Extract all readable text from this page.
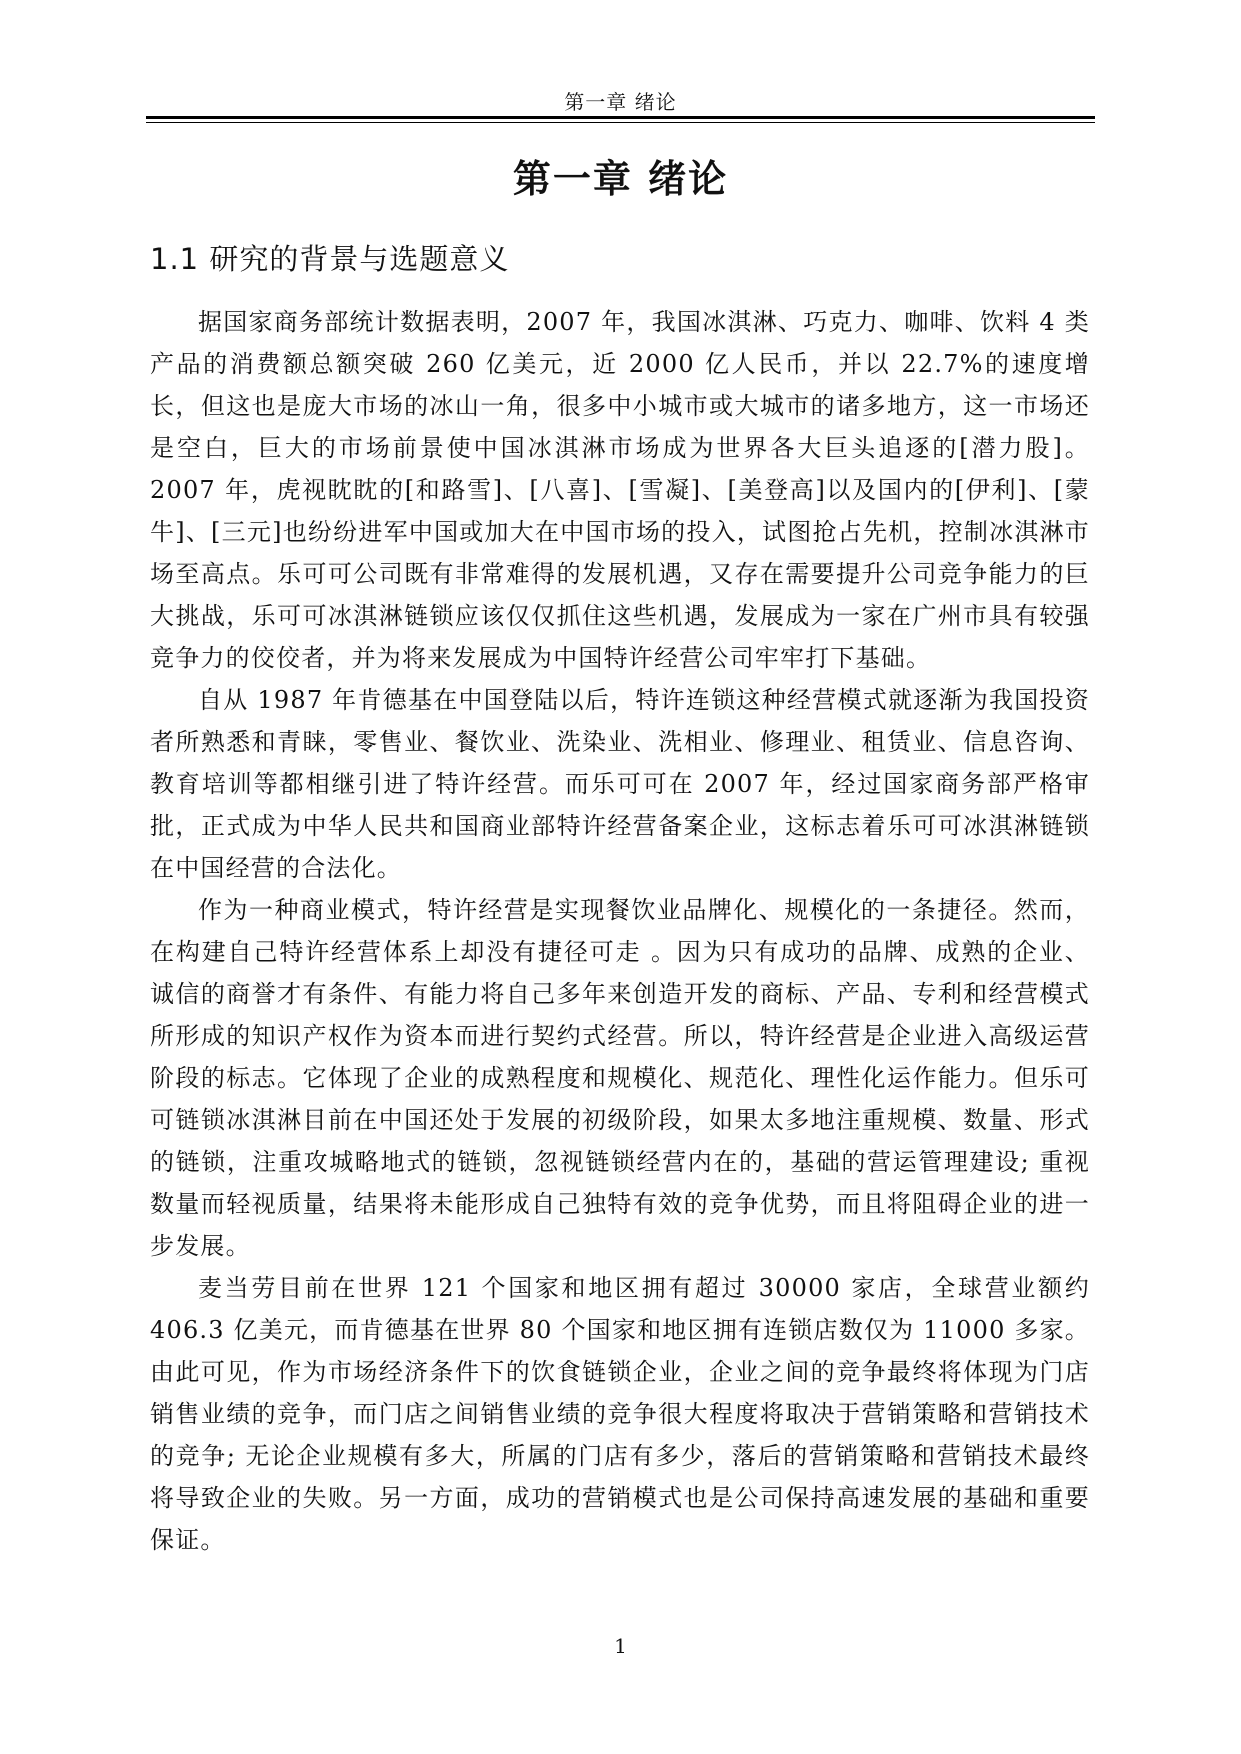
第一章 绪论
第一章 绪论
1.1 研究的背景与选题意义

据国家商务部统计数据表明，2007 年，我国冰淇淋、巧克力、咖啡、饮料 4 类产品的消费额总额突破 260 亿美元，近 2000 亿人民币，并以 22.7%的速度增长，但这也是庞大市场的冰山一角，很多中小城市或大城市的诸多地方，这一市场还是空白，巨大的市场前景使中国冰淇淋市场成为世界各大巨头追逐的[潜力股]。2007 年，虎视眈眈的[和路雪]、[八喜]、[雪凝]、[美登高]以及国内的[伊利]、[蒙牛]、[三元]也纷纷进军中国或加大在中国市场的投入，试图抢占先机，控制冰淇淋市场至高点。乐可可公司既有非常难得的发展机遇，又存在需要提升公司竞争能力的巨大挑战，乐可可冰淇淋链锁应该仅仅抓住这些机遇，发展成为一家在广州市具有较强竞争力的佼佼者，并为将来发展成为中国特许经营公司牢牢打下基础。

自从 1987 年肯德基在中国登陆以后，特许连锁这种经营模式就逐渐为我国投资者所熟悉和青睐，零售业、餐饮业、洗染业、洗相业、修理业、租赁业、信息咨询、教育培训等都相继引进了特许经营。而乐可可在 2007 年，经过国家商务部严格审批，正式成为中华人民共和国商业部特许经营备案企业，这标志着乐可可冰淇淋链锁在中国经营的合法化。

作为一种商业模式，特许经营是实现餐饮业品牌化、规模化的一条捷径。然而，在构建自己特许经营体系上却没有捷径可走 。因为只有成功的品牌、成熟的企业、诚信的商誉才有条件、有能力将自己多年来创造开发的商标、产品、专利和经营模式所形成的知识产权作为资本而进行契约式经营。所以，特许经营是企业进入高级运营阶段的标志。它体现了企业的成熟程度和规模化、规范化、理性化运作能力。但乐可可链锁冰淇淋目前在中国还处于发展的初级阶段，如果太多地注重规模、数量、形式的链锁，注重攻城略地式的链锁，忽视链锁经营内在的，基础的营运管理建设; 重视数量而轻视质量，结果将未能形成自己独特有效的竞争优势，而且将阻碍企业的进一步发展。

麦当劳目前在世界 121 个国家和地区拥有超过 30000 家店，全球营业额约 406.3 亿美元，而肯德基在世界 80 个国家和地区拥有连锁店数仅为 11000 多家。由此可见，作为市场经济条件下的饮食链锁企业，企业之间的竞争最终将体现为门店销售业绩的竞争，而门店之间销售业绩的竞争很大程度将取决于营销策略和营销技术的竞争; 无论企业规模有多大，所属的门店有多少，落后的营销策略和营销技术最终将导致企业的失败。另一方面，成功的营销模式也是公司保持高速发展的基础和重要保证。

1
